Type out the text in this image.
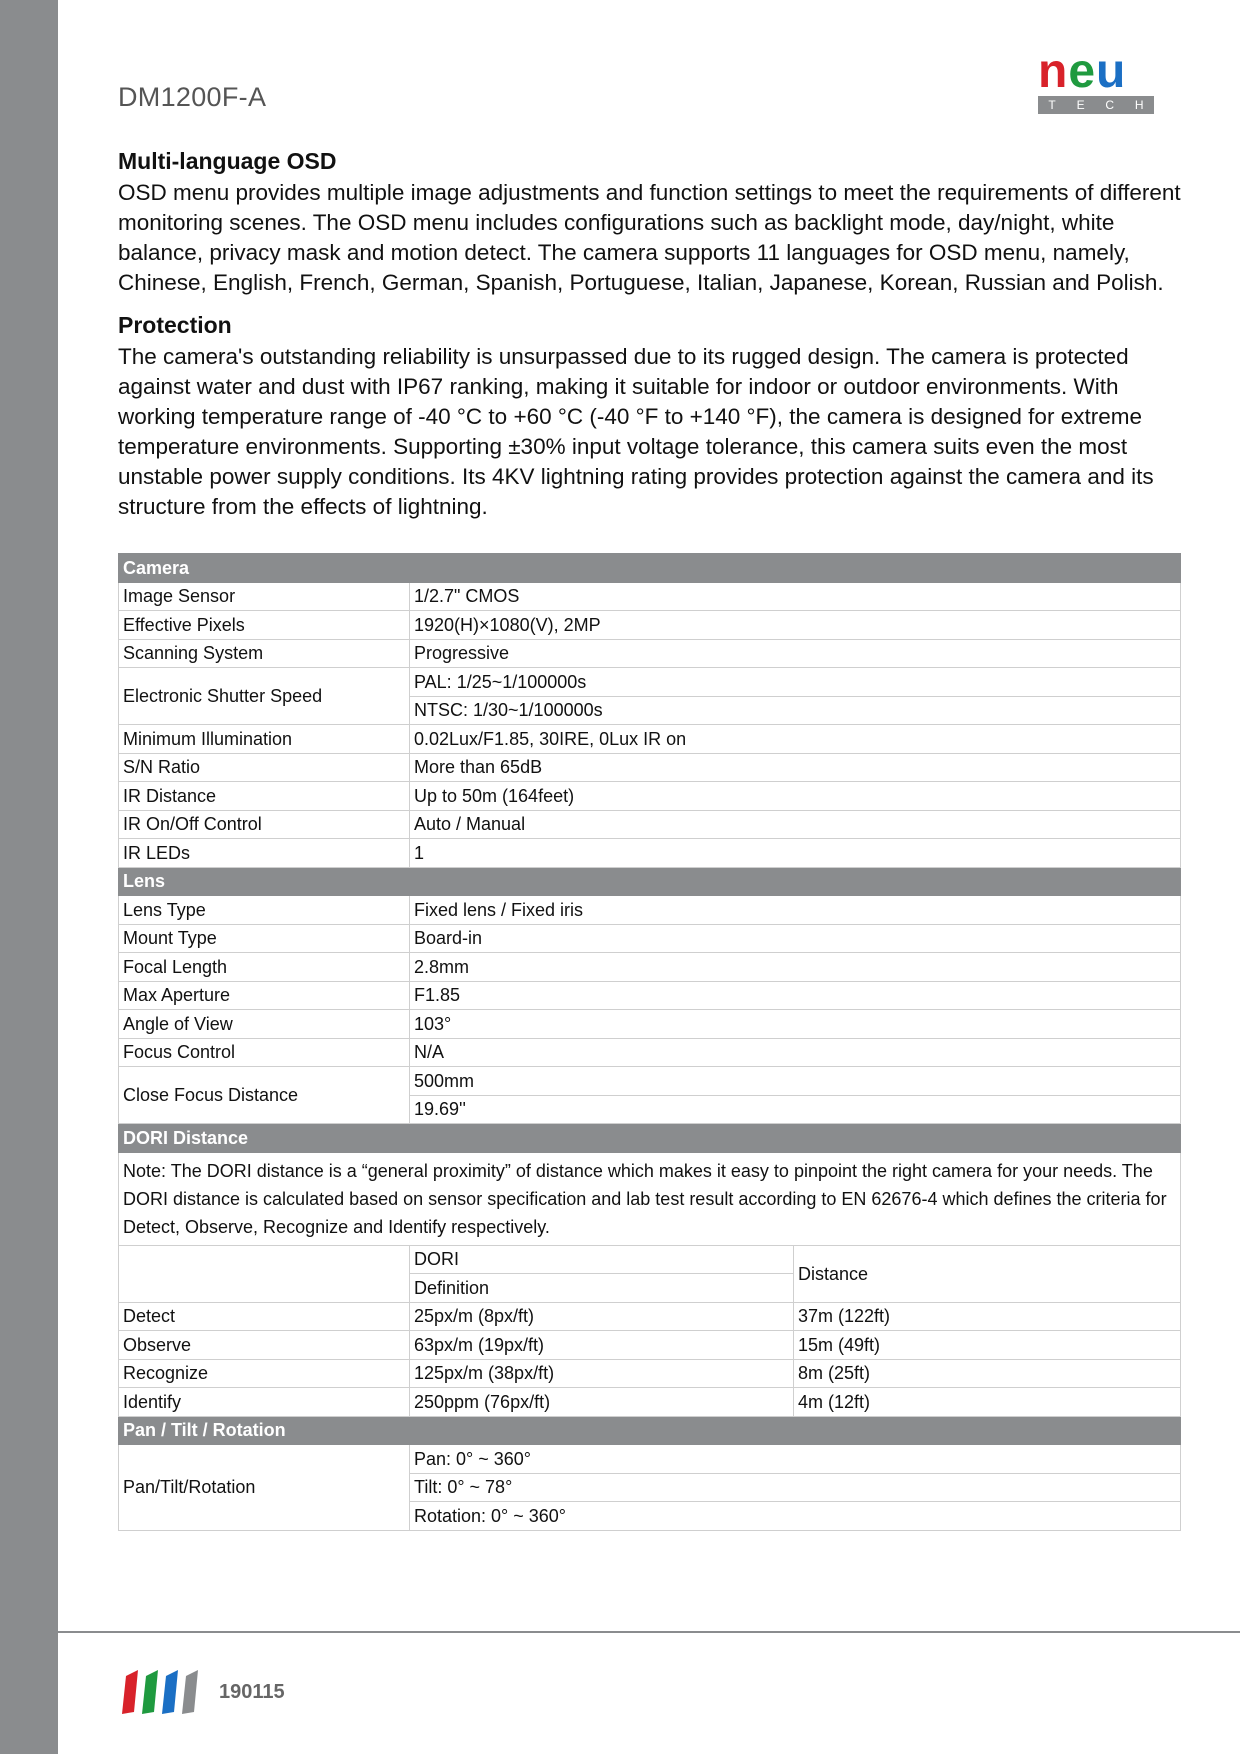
DM1200F-A	neu
T E C H
Multi-language OSD
OSD menu provides multiple image adjustments and function settings to meet the requirements of different monitoring scenes. The OSD menu includes configurations such as backlight mode, day/night, white balance, privacy mask and motion detect. The camera supports 11 languages for OSD menu, namely, Chinese, English, French, German, Spanish, Portuguese, Italian, Japanese, Korean, Russian and Polish.
Protection
The camera's outstanding reliability is unsurpassed due to its rugged design. The camera is protected against water and dust with IP67 ranking, making it suitable for indoor or outdoor environments. With working temperature range of -40 °C to +60 °C (-40 °F to +140 °F), the camera is designed for extreme temperature environments. Supporting ±30% input voltage tolerance, this camera suits even the most unstable power supply conditions. Its 4KV lightning rating provides protection against the camera and its structure from the effects of lightning.
Camera		
Image Sensor	1/2.7" CMOS	
Effective Pixels	1920(H)×1080(V), 2MP	
Scanning System	Progressive	
Electronic Shutter Speed	PAL: 1/25~1/100000s	
	NTSC: 1/30~1/100000s	
Minimum Illumination	0.02Lux/F1.85, 30IRE, 0Lux IR on	
S/N Ratio	More than 65dB	
IR Distance	Up to 50m (164feet)	
IR On/Off Control	Auto / Manual	
IR LEDs	1	
Lens		
Lens Type	Fixed lens / Fixed iris	
Mount Type	Board-in	
Focal Length	2.8mm	
Max Aperture	F1.85	
Angle of View	103°	
Focus Control	N/A	
Close Focus Distance	500mm	
	19.69''	
DORI Distance		
Note: The DORI distance is a “general proximity” of distance which makes it easy to pinpoint the right camera for your needs. The DORI distance is calculated based on sensor specification and lab test result according to EN 62676-4 which defines the criteria for Detect, Observe, Recognize and Identify respectively.		
	DORI	Distance
	Definition	
Detect	25px/m (8px/ft)	37m (122ft)
Observe	63px/m (19px/ft)	15m (49ft)
Recognize	125px/m (38px/ft)	8m (25ft)
Identify	250ppm (76px/ft)	4m (12ft)
Pan / Tilt / Rotation		
Pan/Tilt/Rotation	Pan: 0° ~ 360°	
	Tilt: 0° ~ 78°	
	Rotation: 0° ~ 360°	
190115
